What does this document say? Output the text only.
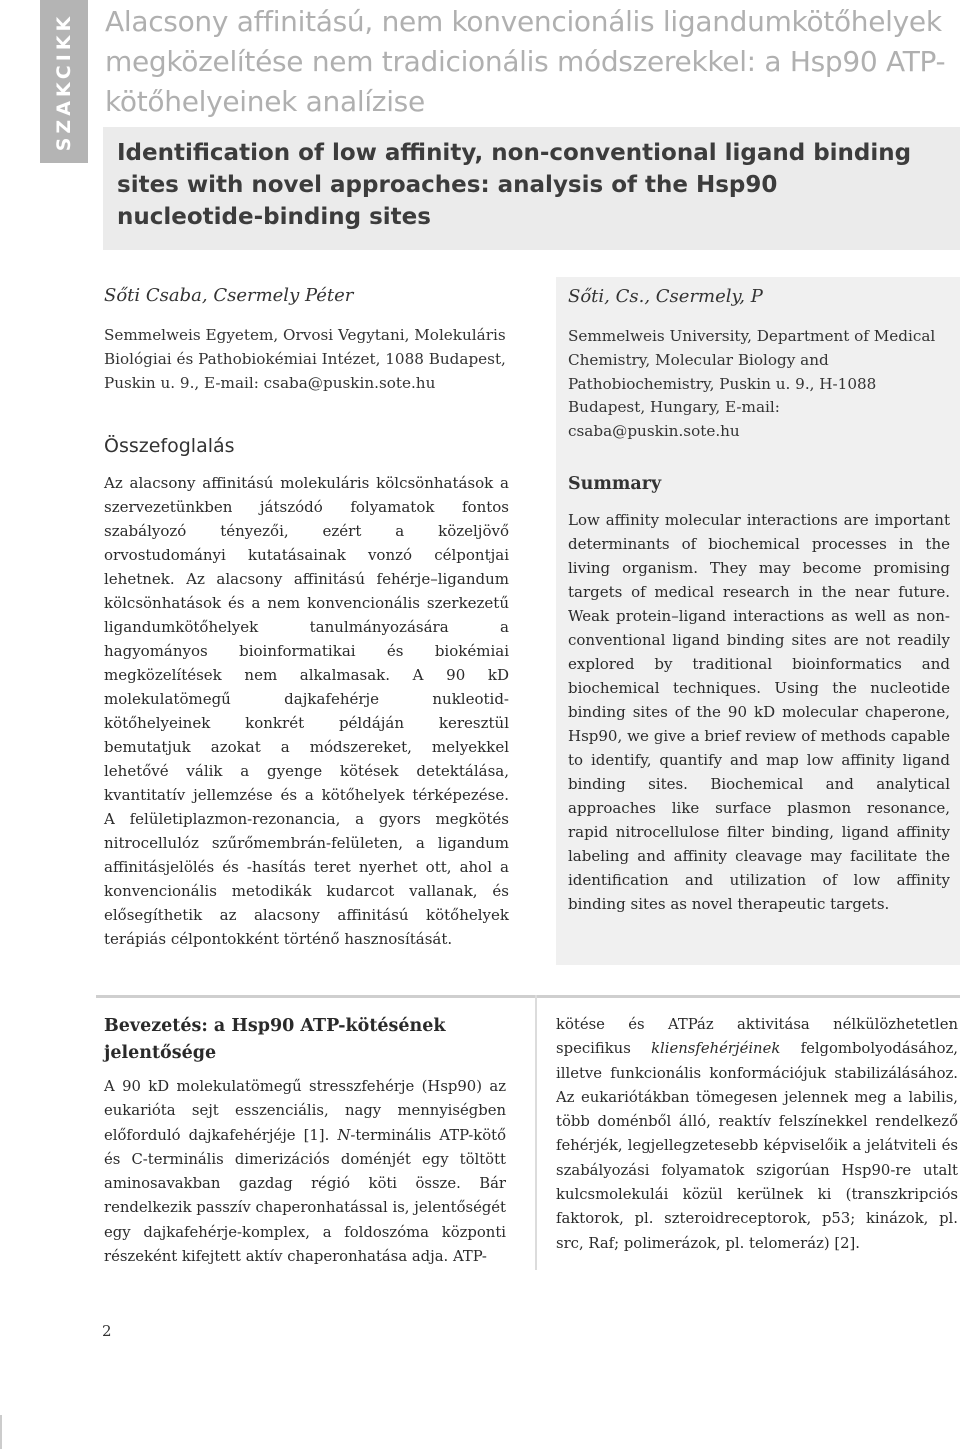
SZAKCIKK Alacsony affinitású, nem konvencionális ligandumkötőhelyek megközelítése nem tradicionális módszerekkel: a Hsp90 ATP-kötőhelyeinek analízise
Identification of low affinity, non-conventional ligand binding sites with novel approaches: analysis of the Hsp90 nucleotide-binding sites

Sőti Csaba, Csermely Péter

Semmelweis Egyetem, Orvosi Vegytani, Molekuláris Biológiai és Pathobiokémiai Intézet, 1088 Budapest, Puskin u. 9., E-mail: csaba@puskin.sote.hu

Összefoglalás

Az alacsony affinitású molekuláris kölcsönhatások a szervezetünkben játszódó folyamatok fontos szabályozó tényezői, ezért a közeljövő orvostudományi kutatásainak vonzó célpontjai lehetnek. Az alacsony affinitású fehérje–ligandum kölcsönhatások és a nem konvencionális szerkezetű ligandumkötőhelyek tanulmányozására a hagyományos bioinformatikai és biokémiai megközelítések nem alkalmasak. A 90 kD molekulatömegű dajkafehérje nukleotid-kötőhelyeinek konkrét példáján keresztül bemutatjuk azokat a módszereket, melyekkel lehetővé válik a gyenge kötések detektálása, kvantitatív jellemzése és a kötőhelyek térképezése. A felületiplazmon-rezonancia, a gyors megkötés nitrocellulóz szűrőmembrán-felületen, a ligandum affinitásjelölés és -hasítás teret nyerhet ott, ahol a konvencionális metodikák kudarcot vallanak, és elősegíthetik az alacsony affinitású kötőhelyek terápiás célpontokként történő hasznosítását.

Sőti, Cs., Csermely, P

Semmelweis University, Department of Medical Chemistry, Molecular Biology and Pathobiochemistry, Puskin u. 9., H-1088 Budapest, Hungary, E-mail: csaba@puskin.sote.hu

Summary

Low affinity molecular interactions are important determinants of biochemical processes in the living organism. They may become promising targets of medical research in the near future. Weak protein–ligand interactions as well as non-conventional ligand binding sites are not readily explored by traditional bioinformatics and biochemical techniques. Using the nucleotide binding sites of the 90 kD molecular chaperone, Hsp90, we give a brief review of methods capable to identify, quantify and map low affinity ligand binding sites. Biochemical and analytical approaches like surface plasmon resonance, rapid nitrocellulose filter binding, ligand affinity labeling and affinity cleavage may facilitate the identification and utilization of low affinity binding sites as novel therapeutic targets.

Bevezetés: a Hsp90 ATP-kötésének jelentősége

A 90 kD molekulatömegű stresszfehérje (Hsp90) az eukarióta sejt esszenciális, nagy mennyiségben előforduló dajkafehérjéje [1]. N-terminális ATP-kötő és C-terminális dimerizációs doménjét egy töltött aminosavakban gazdag régió köti össze. Bár rendelkezik passzív chaperonhatással is, jelentőségét egy dajkafehérje-komplex, a foldoszóma központi részeként kifejtett aktív chaperonhatása adja. ATP-

kötése és ATPáz aktivitása nélkülözhetetlen specifikus kliensfehérjéinek felgombolyodásához, illetve funkcionális konformációjuk stabilizálásához. Az eukariótákban tömegesen jelennek meg a labilis, több doménből álló, reaktív felszínekkel rendelkező fehérjék, legjellegzetesebb képviselőik a jelátviteli és szabályozási folyamatok szigorúan Hsp90-re utalt kulcsmolekulái közül kerülnek ki (transzkripciós faktorok, pl. szteroidreceptorok, p53; kinázok, pl. src, Raf; polimerázok, pl. telomeráz) [2].

2
